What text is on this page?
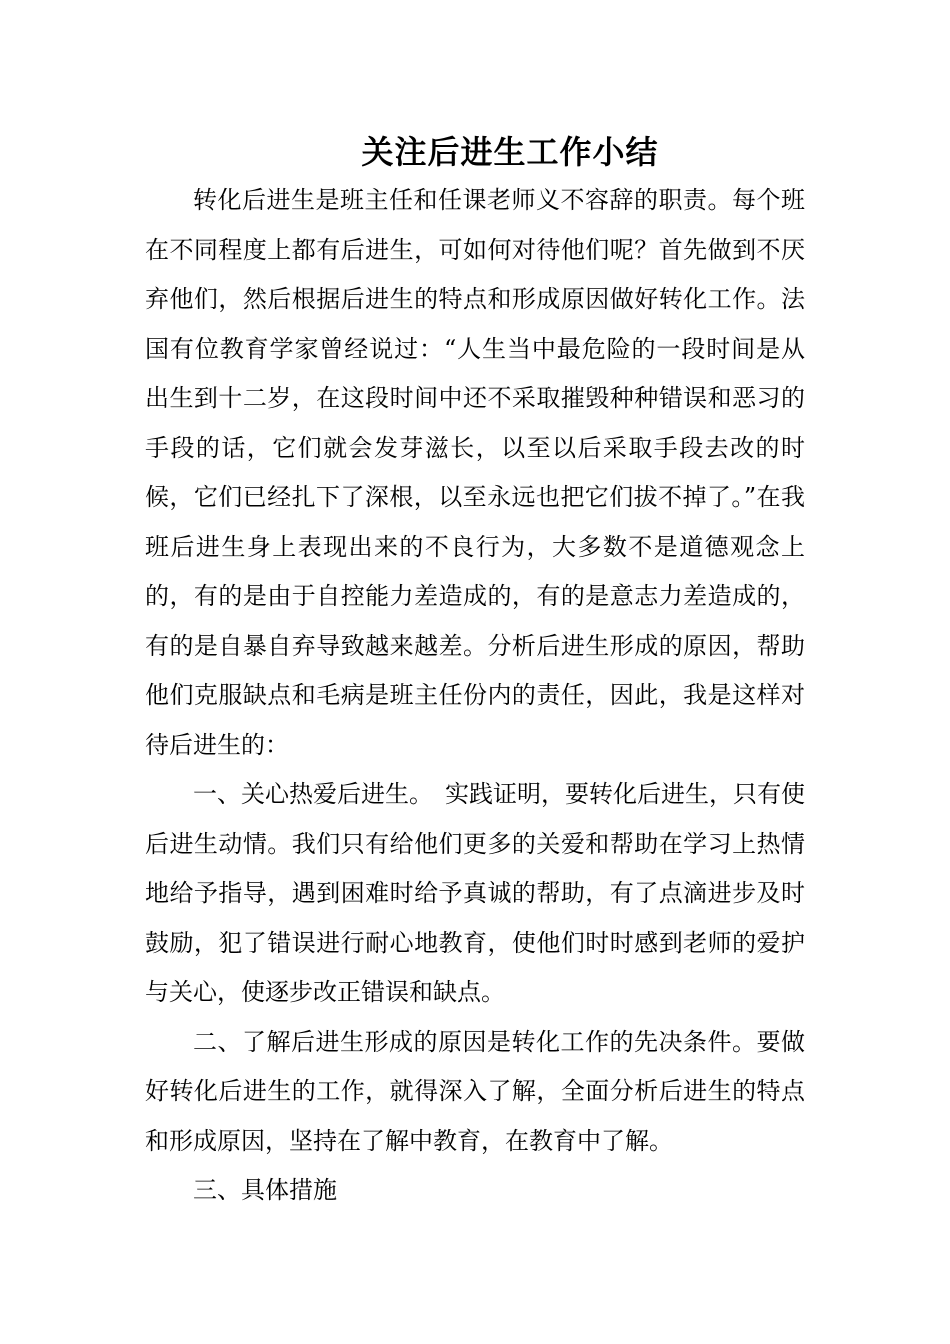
关注后进生工作小结

转化后进生是班主任和任课老师义不容辞的职责。每个班在不同程度上都有后进生，可如何对待他们呢？首先做到不厌弃他们，然后根据后进生的特点和形成原因做好转化工作。法国有位教育学家曾经说过：“人生当中最危险的一段时间是从出生到十二岁，在这段时间中还不采取摧毁种种错误和恶习的手段的话，它们就会发芽滋长，以至以后采取手段去改的时候，它们已经扎下了深根，以至永远也把它们拔不掉了。”在我班后进生身上表现出来的不良行为，大多数不是道德观念上的，有的是由于自控能力差造成的，有的是意志力差造成的，有的是自暴自弃导致越来越差。分析后进生形成的原因，帮助他们克服缺点和毛病是班主任份内的责任，因此，我是这样对待后进生的：

一、关心热爱后进生。　实践证明，要转化后进生，只有使后进生动情。我们只有给他们更多的关爱和帮助在学习上热情地给予指导，遇到困难时给予真诚的帮助，有了点滴进步及时鼓励，犯了错误进行耐心地教育，使他们时时感到老师的爱护与关心，使逐步改正错误和缺点。

二、了解后进生形成的原因是转化工作的先决条件。要做好转化后进生的工作，就得深入了解，全面分析后进生的特点和形成原因，坚持在了解中教育，在教育中了解。

三、具体措施
